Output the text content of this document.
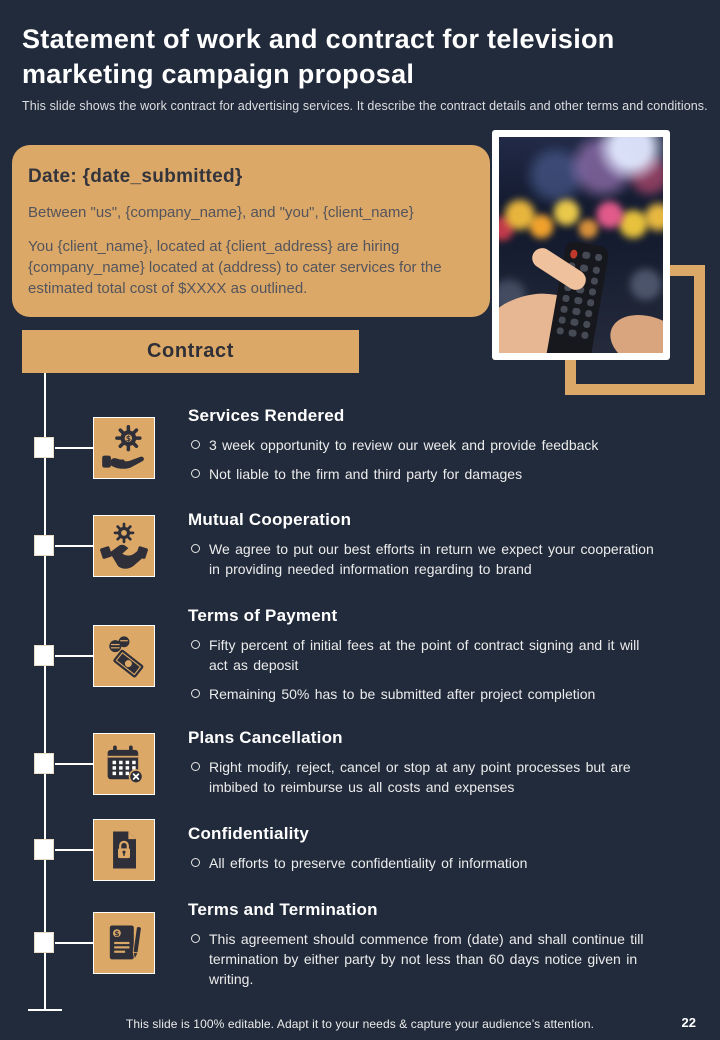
Statement of work and contract for television marketing campaign proposal

This slide shows the work contract for advertising services. It describe the contract details and other terms and conditions.

Date: {date_submitted}

Between "us", {company_name}, and "you", {client_name}

You {client_name}, located at {client_address} are hiring {company_name} located at (address) to cater services for the estimated total cost of $XXXX as outlined.

Contract
$
Services Rendered
3 week opportunity to review our week and provide feedback
Not liable to the firm and third party for damages
Mutual Cooperation
We agree to put our best efforts in return we expect your cooperation in providing needed information regarding to brand
Terms of Payment
Fifty percent of initial fees at the point of contract signing and it will act as deposit
Remaining 50% has to be submitted after project completion
Plans Cancellation
Right modify, reject, cancel or stop at any point processes but are imbibed to reimburse us all costs and expenses
Confidentiality
All efforts to preserve confidentiality of information
$
Terms and Termination
This agreement should commence from (date) and shall continue till termination by either party by not less than 60 days notice given in writing.
This slide is 100% editable. Adapt it to your needs & capture your audience’s attention.	22
